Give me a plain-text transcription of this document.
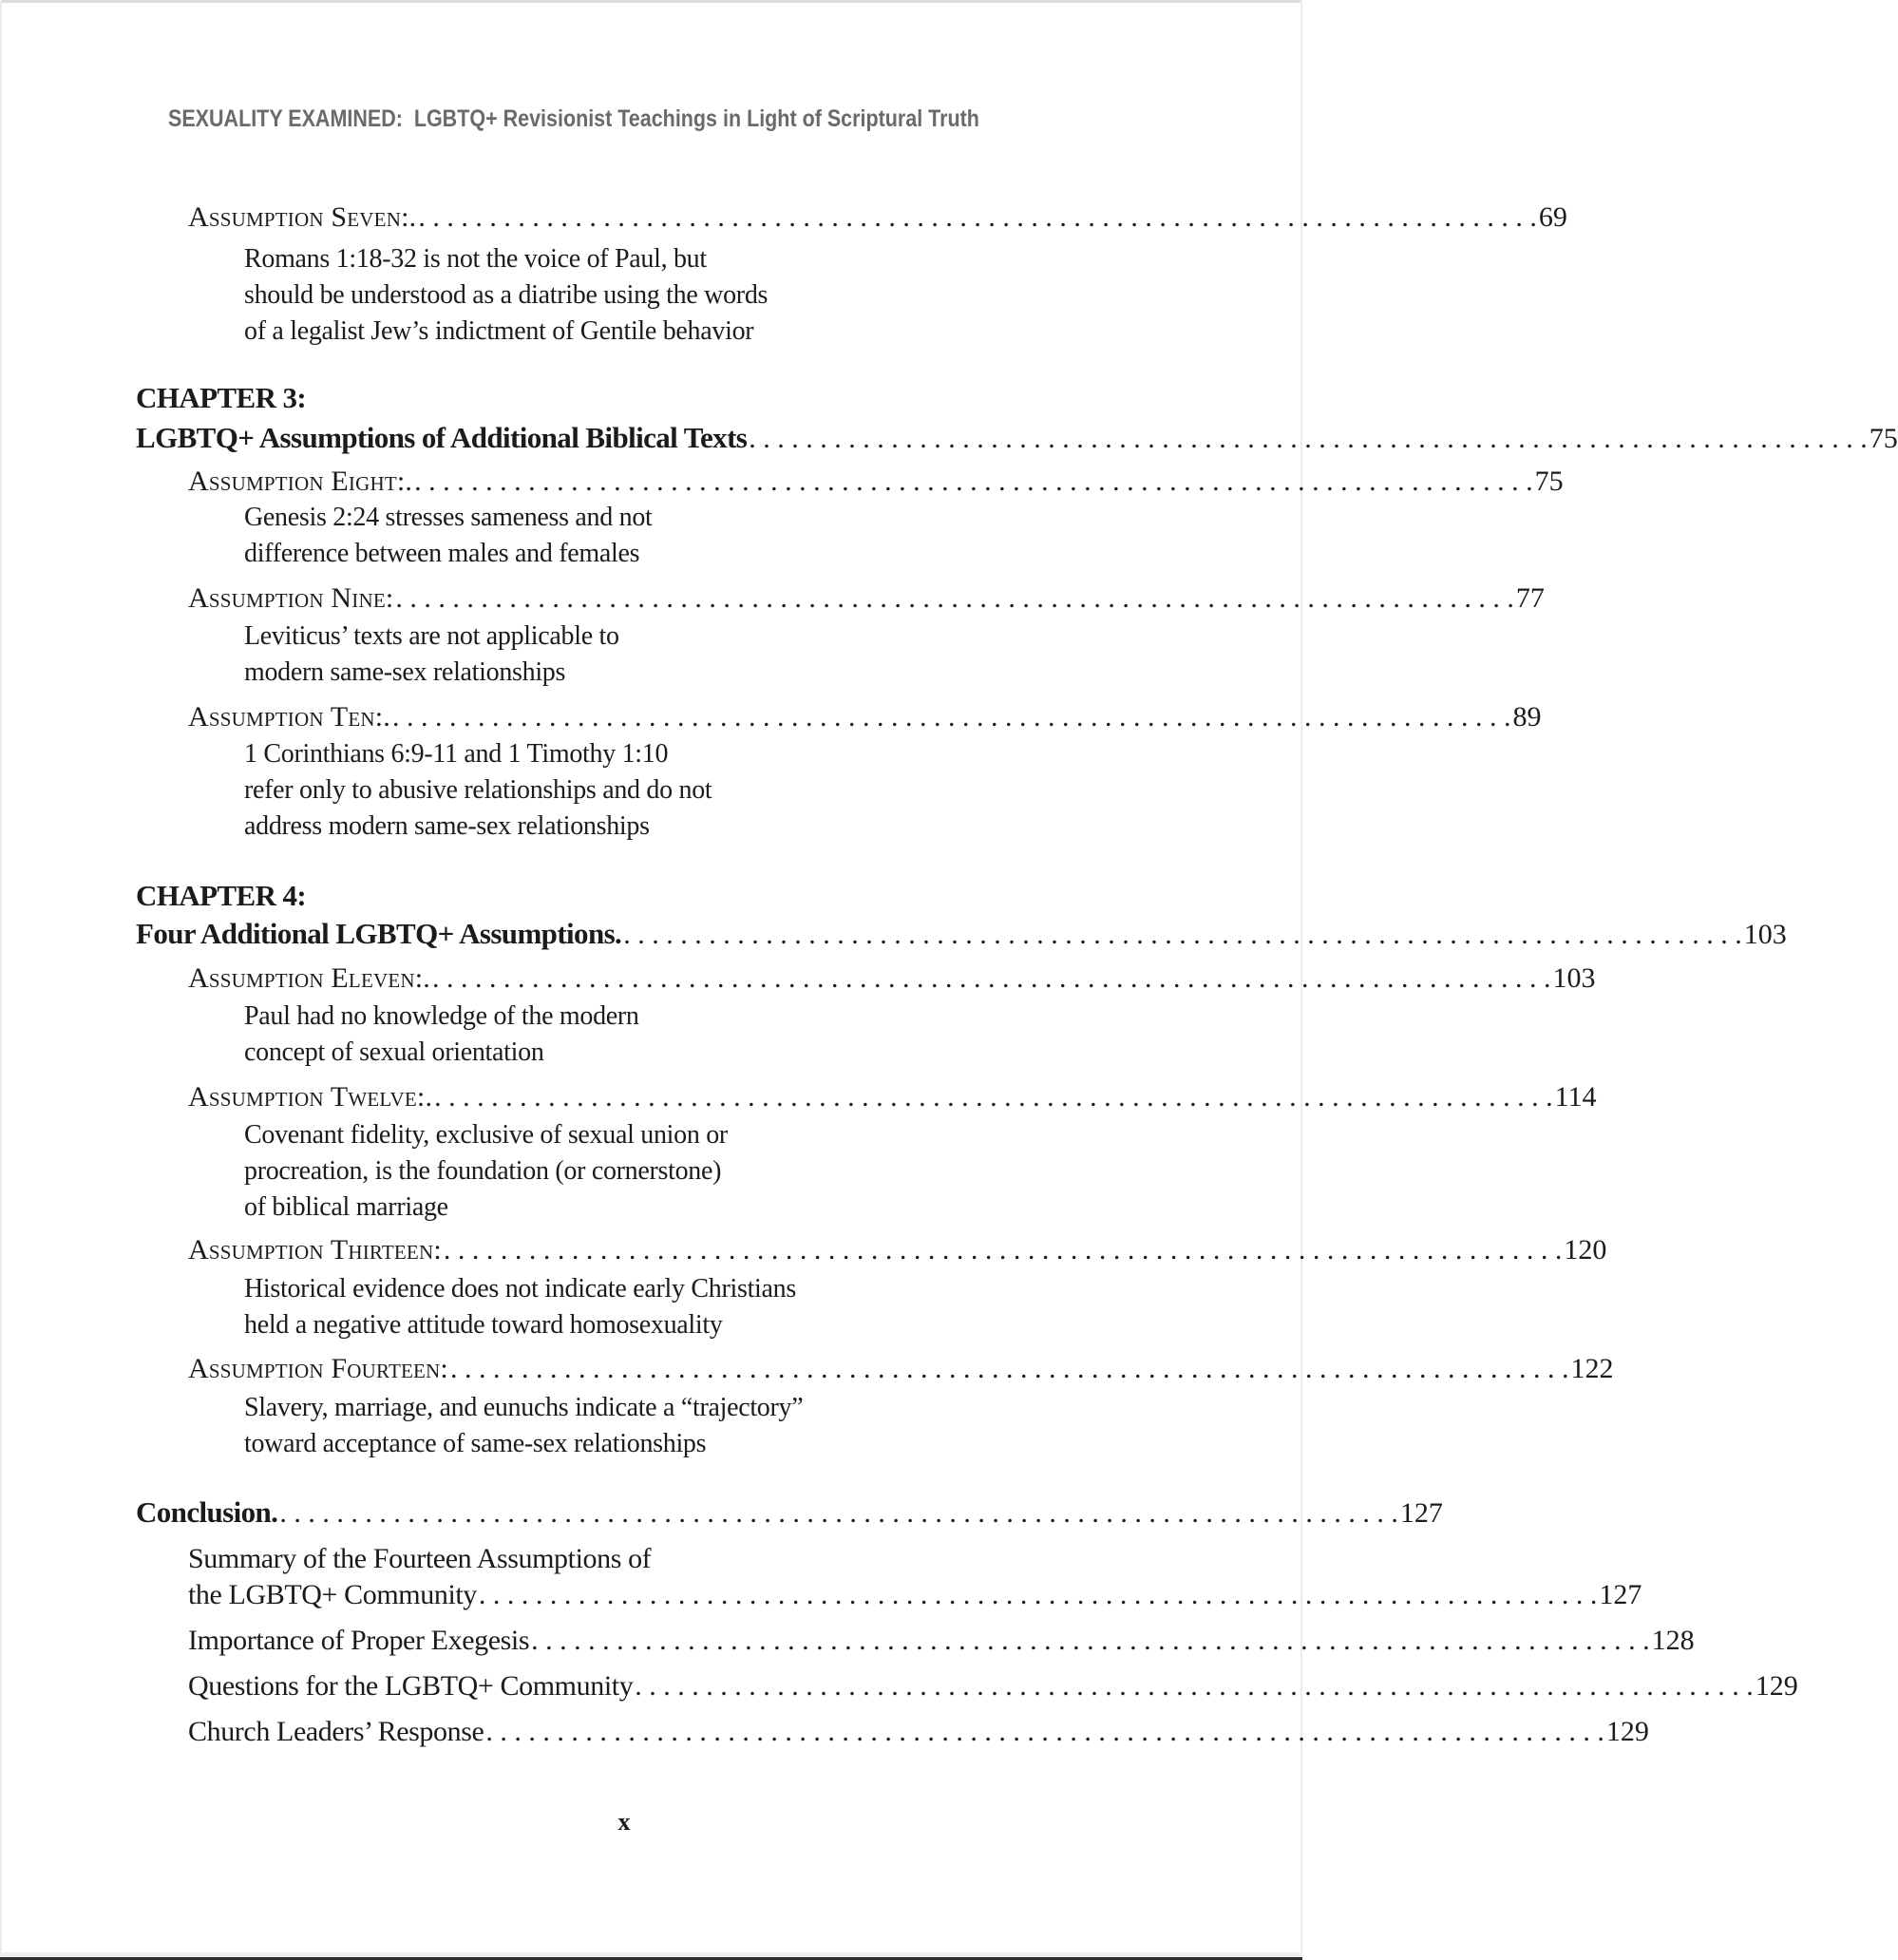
SEXUALITY EXAMINED:  LGBTQ+ Revisionist Teachings in Light of Scriptural Truth
Assumption Seven:. . . . . . . . . . . . . . . . . . . . . . . . . . . . . . . . . . . . . . . . . . . . . . . . . . . . . . . . . . . . . . . . . . . . . . . . . . . . . . . . 69
Romans 1:18-32 is not the voice of Paul, but
should be understood as a diatribe using the words
of a legalist Jew’s indictment of Gentile behavior
CHAPTER 3:
LGBTQ+ Assumptions of Additional Biblical Texts . . . . . . . . . . . . . . . . . . . . . . . . . . . . . . . . . . . . . . . . . . . . . . . . . . . . . . . . . . . . . . . . . . . . . . . . . . . . . . . 75
Assumption Eight:. . . . . . . . . . . . . . . . . . . . . . . . . . . . . . . . . . . . . . . . . . . . . . . . . . . . . . . . . . . . . . . . . . . . . . . . . . . . . . . . 75
Genesis 2:24 stresses sameness and not
difference between males and females
Assumption Nine: . . . . . . . . . . . . . . . . . . . . . . . . . . . . . . . . . . . . . . . . . . . . . . . . . . . . . . . . . . . . . . . . . . . . . . . . . . . . . . . 77
Leviticus’ texts are not applicable to
modern same-sex relationships
Assumption Ten:. . . . . . . . . . . . . . . . . . . . . . . . . . . . . . . . . . . . . . . . . . . . . . . . . . . . . . . . . . . . . . . . . . . . . . . . . . . . . . . . 89
1 Corinthians 6:9-11 and 1 Timothy 1:10
refer only to abusive relationships and do not
address modern same-sex relationships
CHAPTER 4:
Four Additional LGBTQ+ Assumptions. . . . . . . . . . . . . . . . . . . . . . . . . . . . . . . . . . . . . . . . . . . . . . . . . . . . . . . . . . . . . . . . . . . . . . . . . . . . . . . . 103
Assumption Eleven:. . . . . . . . . . . . . . . . . . . . . . . . . . . . . . . . . . . . . . . . . . . . . . . . . . . . . . . . . . . . . . . . . . . . . . . . . . . . . . . . 103
Paul had no knowledge of the modern
concept of sexual orientation
Assumption Twelve:. . . . . . . . . . . . . . . . . . . . . . . . . . . . . . . . . . . . . . . . . . . . . . . . . . . . . . . . . . . . . . . . . . . . . . . . . . . . . . . . 114
Covenant fidelity, exclusive of sexual union or
procreation, is the foundation (or cornerstone)
of biblical marriage
Assumption Thirteen: . . . . . . . . . . . . . . . . . . . . . . . . . . . . . . . . . . . . . . . . . . . . . . . . . . . . . . . . . . . . . . . . . . . . . . . . . . . . . . . 120
Historical evidence does not indicate early Christians
held a negative attitude toward homosexuality
Assumption Fourteen: . . . . . . . . . . . . . . . . . . . . . . . . . . . . . . . . . . . . . . . . . . . . . . . . . . . . . . . . . . . . . . . . . . . . . . . . . . . . . . . 122
Slavery, marriage, and eunuchs indicate a “trajectory”
toward acceptance of same-sex relationships
Conclusion. . . . . . . . . . . . . . . . . . . . . . . . . . . . . . . . . . . . . . . . . . . . . . . . . . . . . . . . . . . . . . . . . . . . . . . . . . . . . . . . 127
Summary of the Fourteen Assumptions of
the LGBTQ+ Community . . . . . . . . . . . . . . . . . . . . . . . . . . . . . . . . . . . . . . . . . . . . . . . . . . . . . . . . . . . . . . . . . . . . . . . . . . . . . . . 127
Importance of Proper Exegesis . . . . . . . . . . . . . . . . . . . . . . . . . . . . . . . . . . . . . . . . . . . . . . . . . . . . . . . . . . . . . . . . . . . . . . . . . . . . . . . 128
Questions for the LGBTQ+ Community . . . . . . . . . . . . . . . . . . . . . . . . . . . . . . . . . . . . . . . . . . . . . . . . . . . . . . . . . . . . . . . . . . . . . . . . . . . . . . . 129
Church Leaders’ Response . . . . . . . . . . . . . . . . . . . . . . . . . . . . . . . . . . . . . . . . . . . . . . . . . . . . . . . . . . . . . . . . . . . . . . . . . . . . . . . 129
x
